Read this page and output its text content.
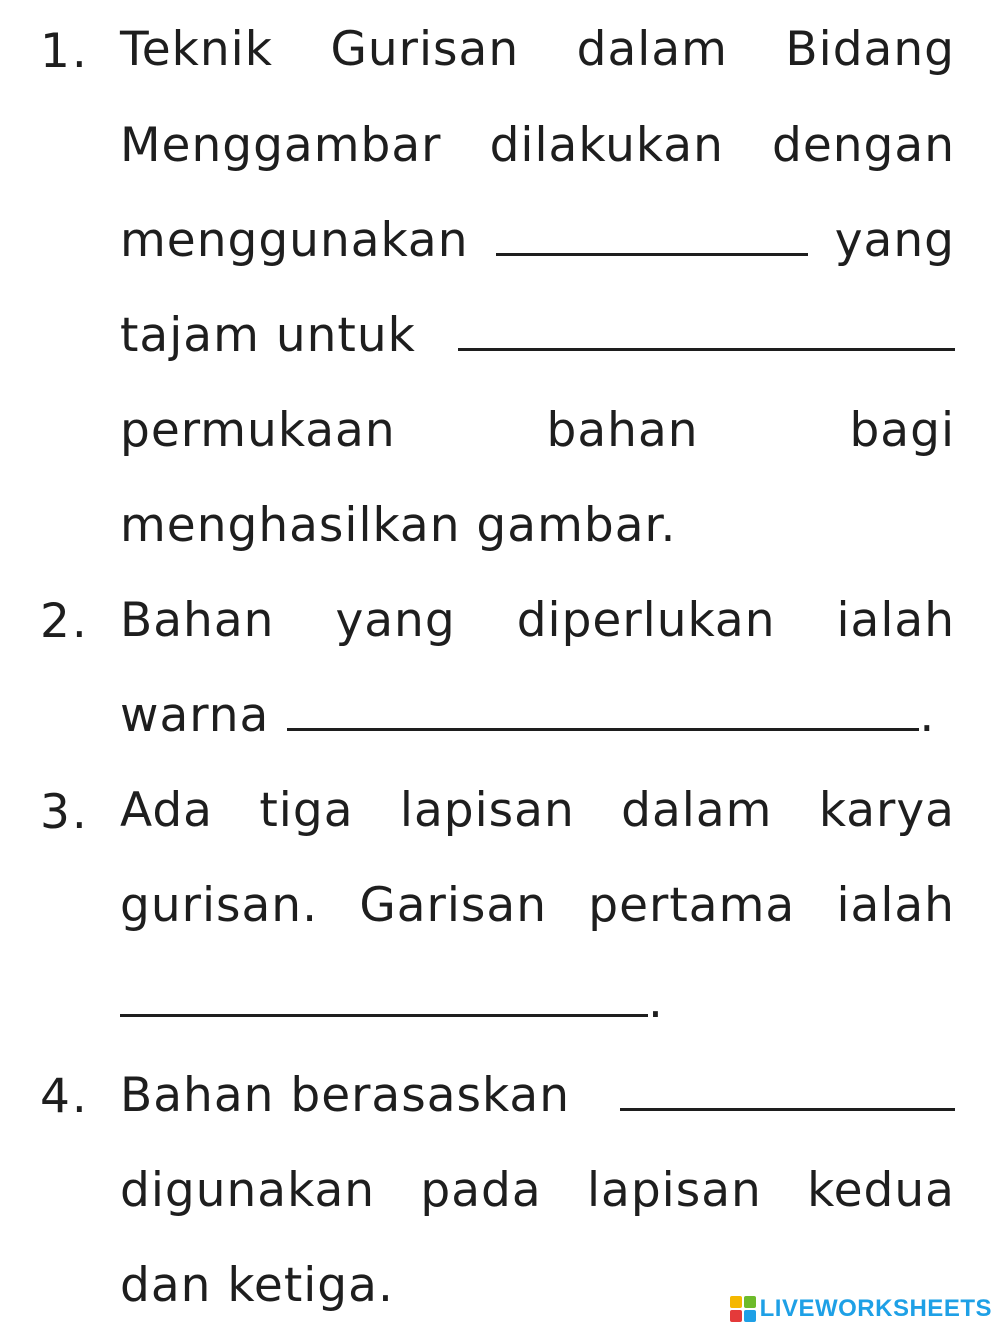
1. Teknik Gurisan dalam Bidang
Menggambar dilakukan dengan
menggunakan	yang
tajam untuk
permukaan	bahan	bagi
menghasilkan gambar.
2. Bahan yang diperlukan ialah
warna	.
3. Ada tiga lapisan dalam karya
gurisan. Garisan pertama ialah
.
4. Bahan berasaskan
digunakan pada lapisan kedua
dan ketiga.	LIVEWORKSHEETS
